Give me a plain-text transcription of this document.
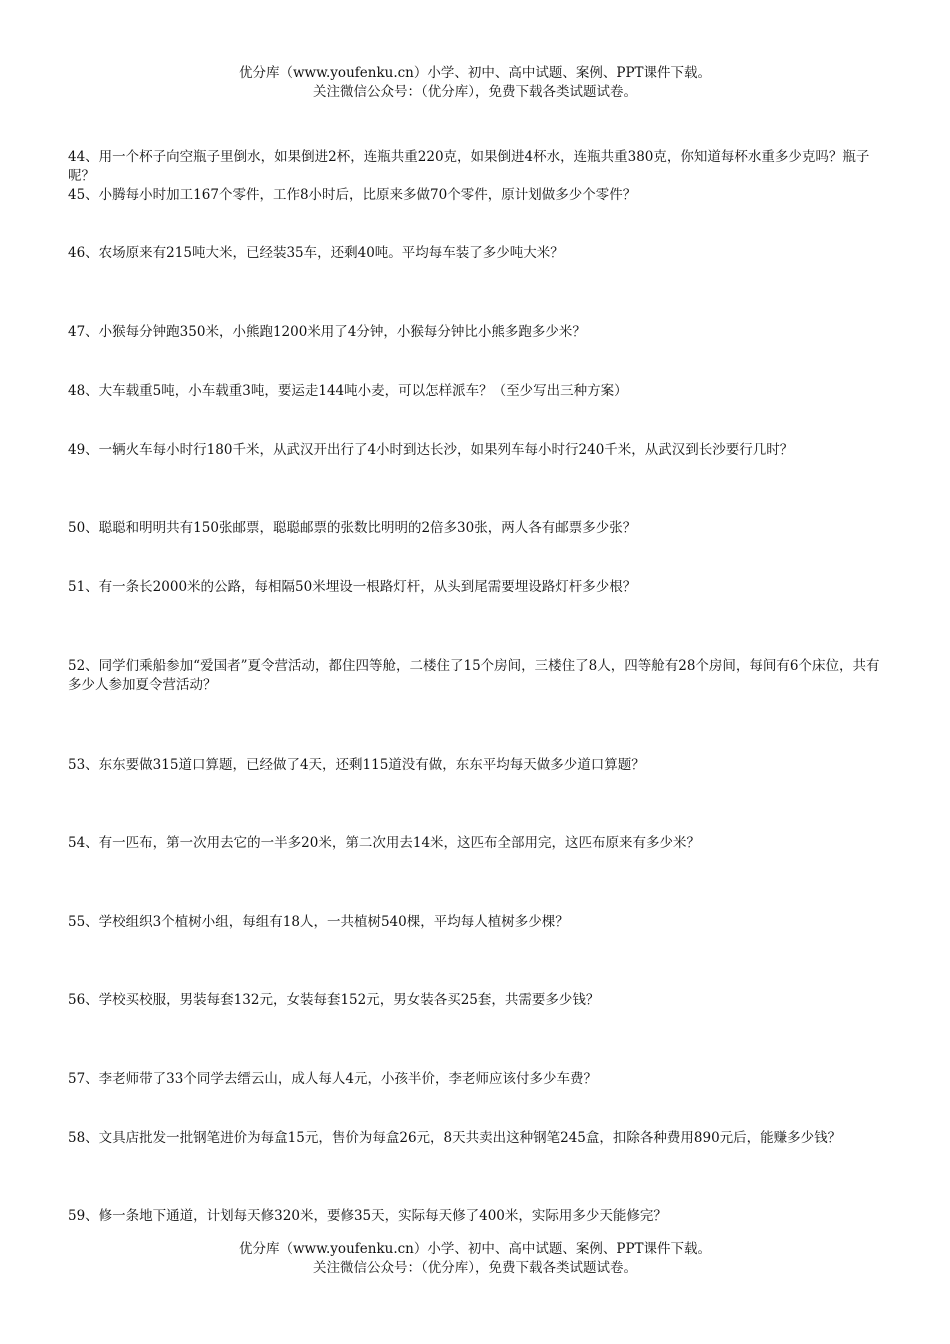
优分库（www.youfenku.cn）小学、初中、高中试题、案例、PPT课件下载。
关注微信公众号：（优分库），免费下载各类试题试卷。
44、用一个杯子向空瓶子里倒水，如果倒进2杯，连瓶共重220克，如果倒进4杯水，连瓶共重380克，你知道每杯水重多少克吗？瓶子呢？
45、小腾每小时加工167个零件，工作8小时后，比原来多做70个零件，原计划做多少个零件？
46、农场原来有215吨大米，已经装35车，还剩40吨。平均每车装了多少吨大米？
47、小猴每分钟跑350米，小熊跑1200米用了4分钟，小猴每分钟比小熊多跑多少米？
48、大车载重5吨，小车载重3吨，要运走144吨小麦，可以怎样派车？（至少写出三种方案）
49、一辆火车每小时行180千米，从武汉开出行了4小时到达长沙，如果列车每小时行240千米，从武汉到长沙要行几时？
50、聪聪和明明共有150张邮票，聪聪邮票的张数比明明的2倍多30张，两人各有邮票多少张？
51、有一条长2000米的公路，每相隔50米埋设一根路灯杆，从头到尾需要埋设路灯杆多少根？
52、同学们乘船参加“爱国者”夏令营活动，都住四等舱，二楼住了15个房间，三楼住了8人，四等舱有28个房间，每间有6个床位，共有多少人参加夏令营活动？
53、东东要做315道口算题，已经做了4天，还剩115道没有做，东东平均每天做多少道口算题？
54、有一匹布，第一次用去它的一半多20米，第二次用去14米，这匹布全部用完，这匹布原来有多少米？
55、学校组织3个植树小组，每组有18人，一共植树540棵，平均每人植树多少棵？
56、学校买校服，男装每套132元，女装每套152元，男女装各买25套，共需要多少钱？
57、李老师带了33个同学去缙云山，成人每人4元，小孩半价，李老师应该付多少车费？
58、文具店批发一批钢笔进价为每盒15元，售价为每盒26元，8天共卖出这种钢笔245盒，扣除各种费用890元后，能赚多少钱？
59、修一条地下通道，计划每天修320米，要修35天，实际每天修了400米，实际用多少天能修完？
优分库（www.youfenku.cn）小学、初中、高中试题、案例、PPT课件下载。
关注微信公众号：（优分库），免费下载各类试题试卷。
